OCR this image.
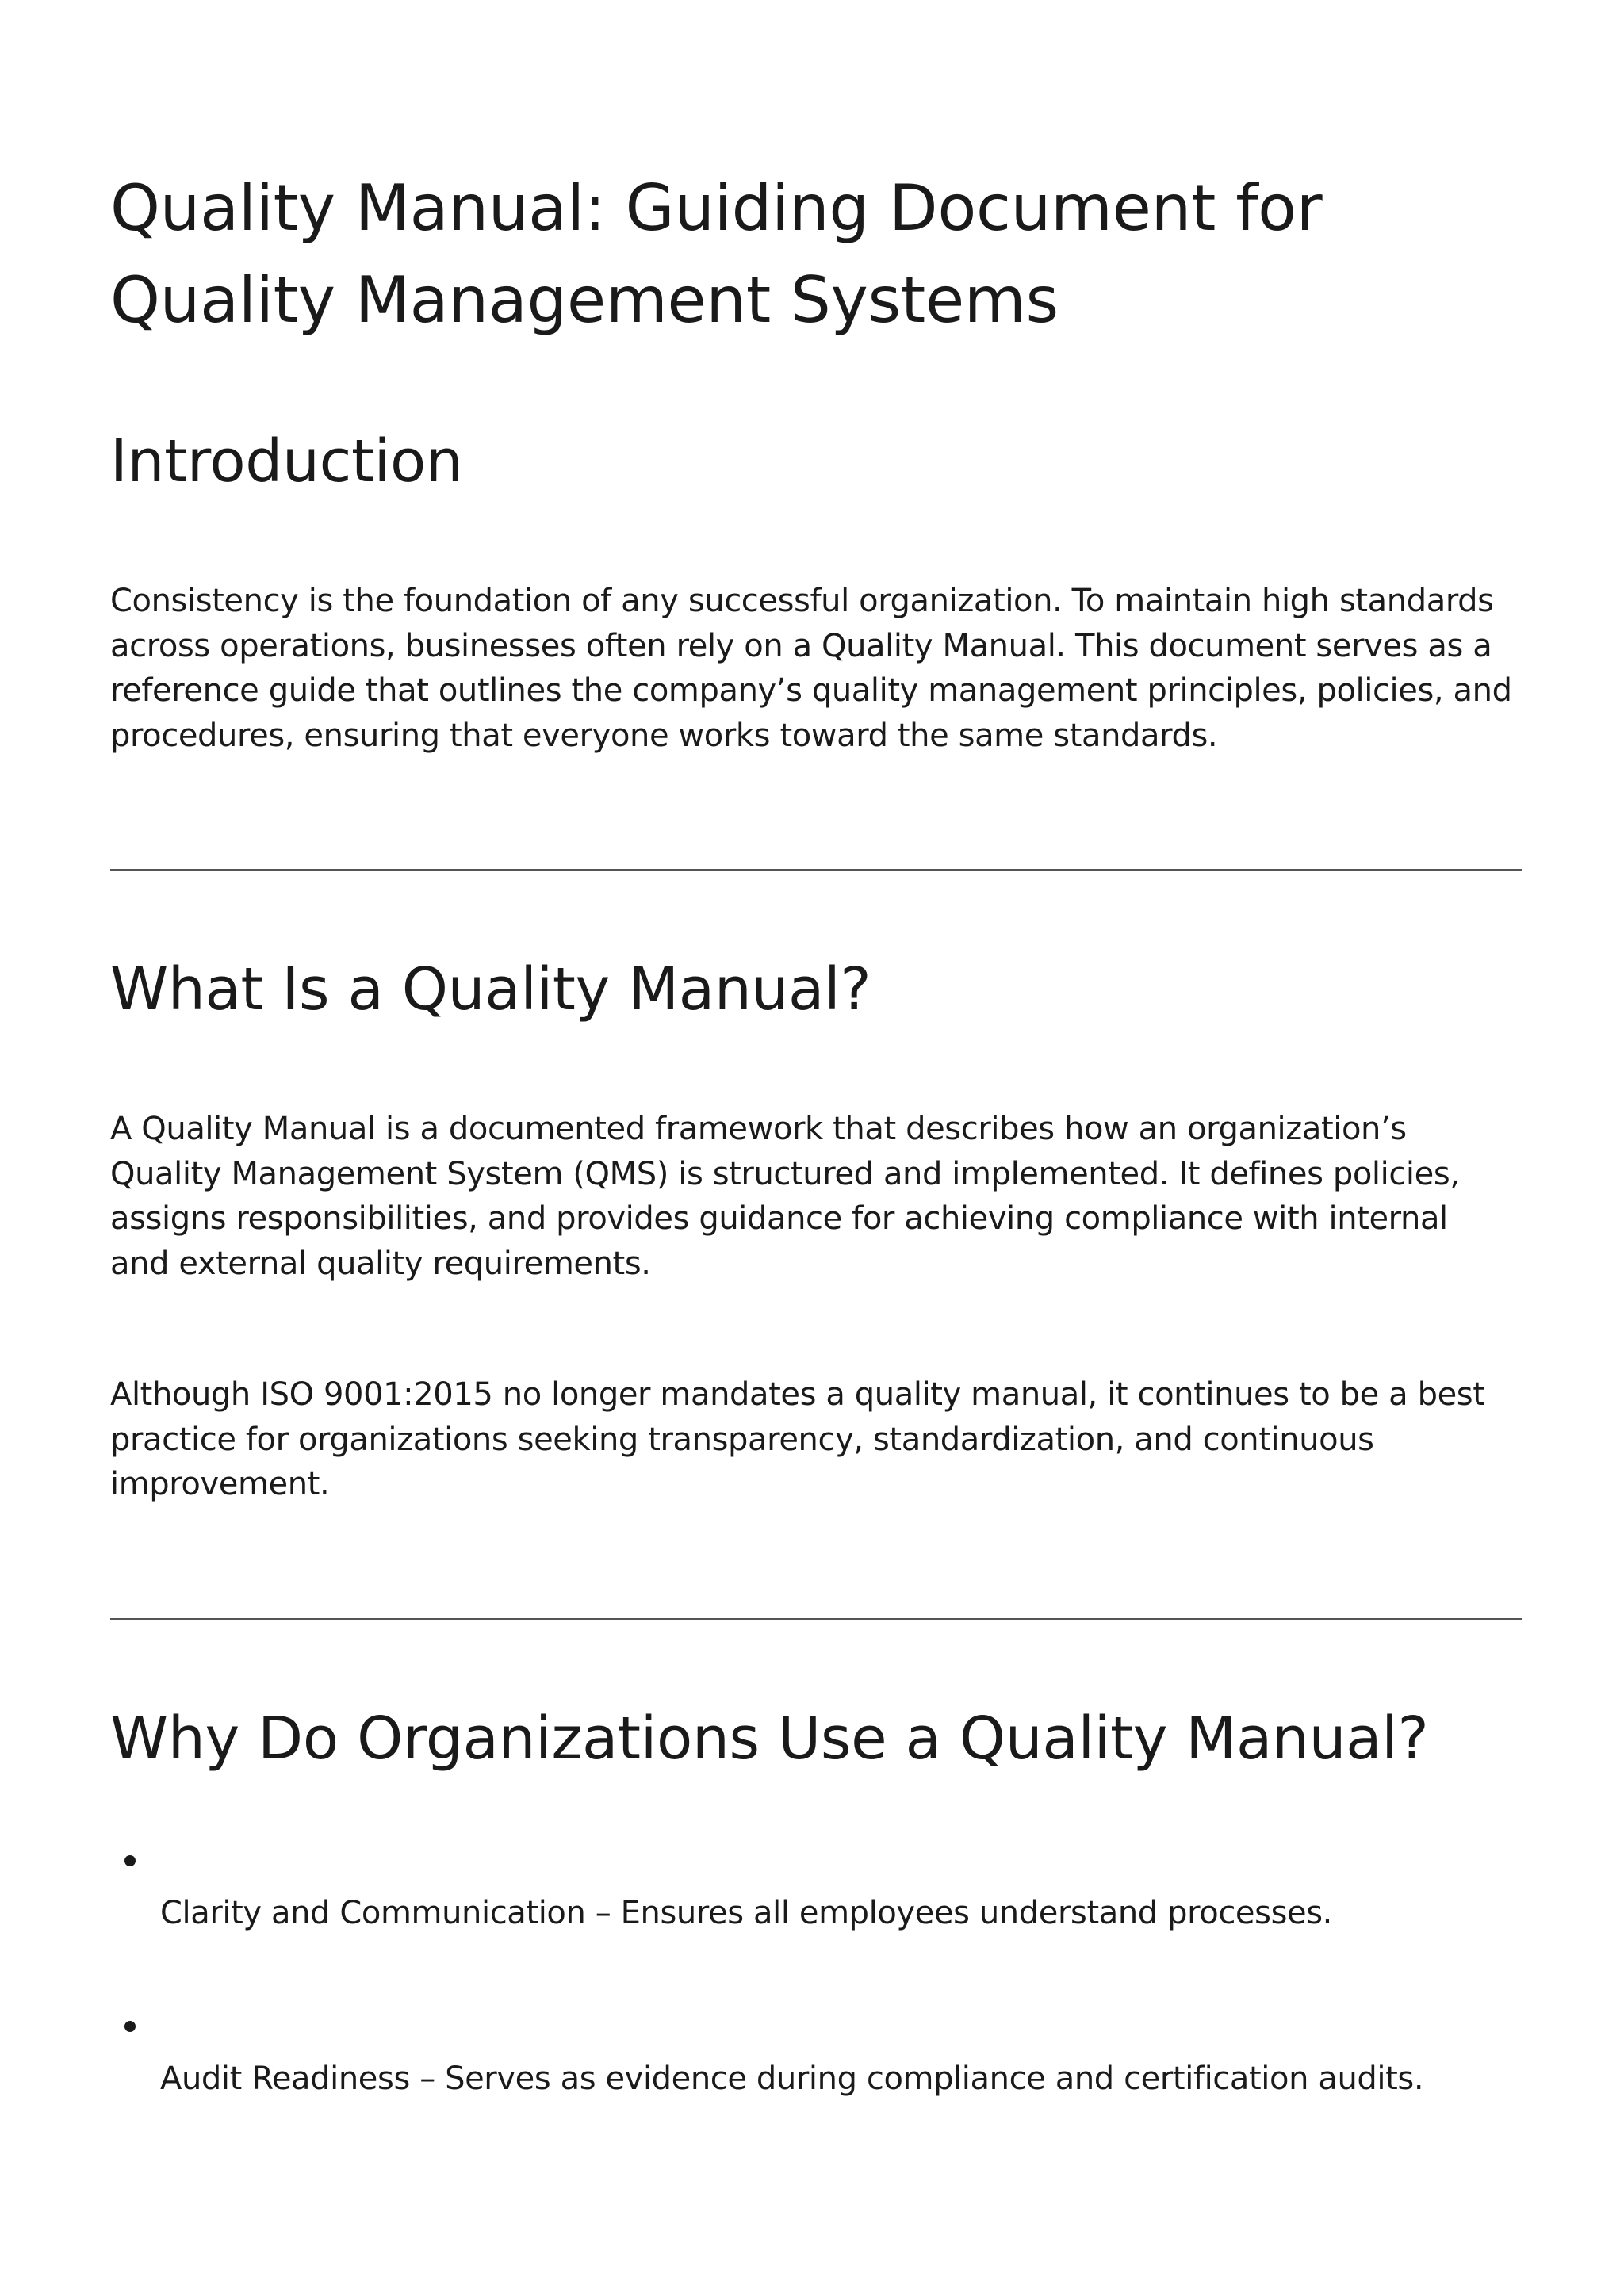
Quality Manual: Guiding Document for Quality Management Systems
Introduction

Consistency is the foundation of any successful organization. To maintain high standards across operations, businesses often rely on a Quality Manual. This document serves as a reference guide that outlines the company’s quality management principles, policies, and procedures, ensuring that everyone works toward the same standards.

What Is a Quality Manual?

A Quality Manual is a documented framework that describes how an organization’s Quality Management System (QMS) is structured and implemented. It defines policies, assigns responsibilities, and provides guidance for achieving compliance with internal and external quality requirements.

Although ISO 9001:2015 no longer mandates a quality manual, it continues to be a best practice for organizations seeking transparency, standardization, and continuous improvement.

Why Do Organizations Use a Quality Manual?
Clarity and Communication – Ensures all employees understand processes.
Audit Readiness – Serves as evidence during compliance and certification audits.
